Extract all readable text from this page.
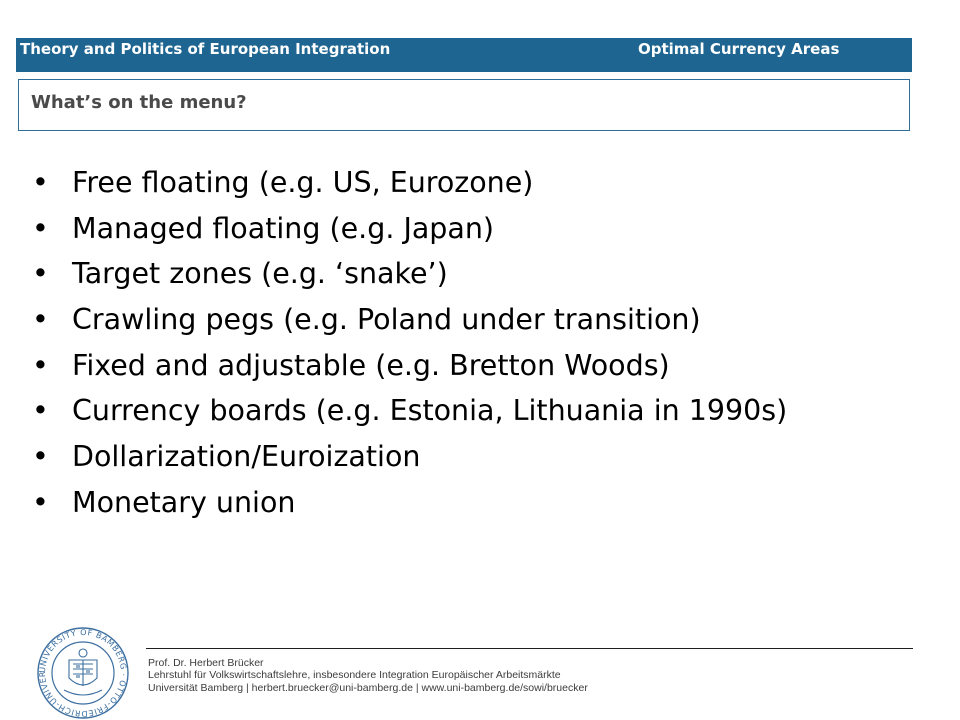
Theory and Politics of European Integration	Optimal Currency Areas
What’s on the menu?
• Free floating (e.g. US, Eurozone)
• Managed floating (e.g. Japan)
• Target zones (e.g. ‘snake’)
• Crawling pegs (e.g. Poland under transition)
• Fixed and adjustable (e.g. Bretton Woods)
• Currency boards (e.g. Estonia, Lithuania in 1990s)
• Dollarization/Euroization
• Monetary union
UNIVERSITY OF BAMBERG · OTTO-FRIEDRICH-UNIVER
Prof. Dr. Herbert Brücker
Lehrstuhl für Volkswirtschaftslehre, insbesondere Integration Europäischer Arbeitsmärkte
Universität Bamberg | herbert.bruecker@uni-bamberg.de | www.uni-bamberg.de/sowi/bruecker
